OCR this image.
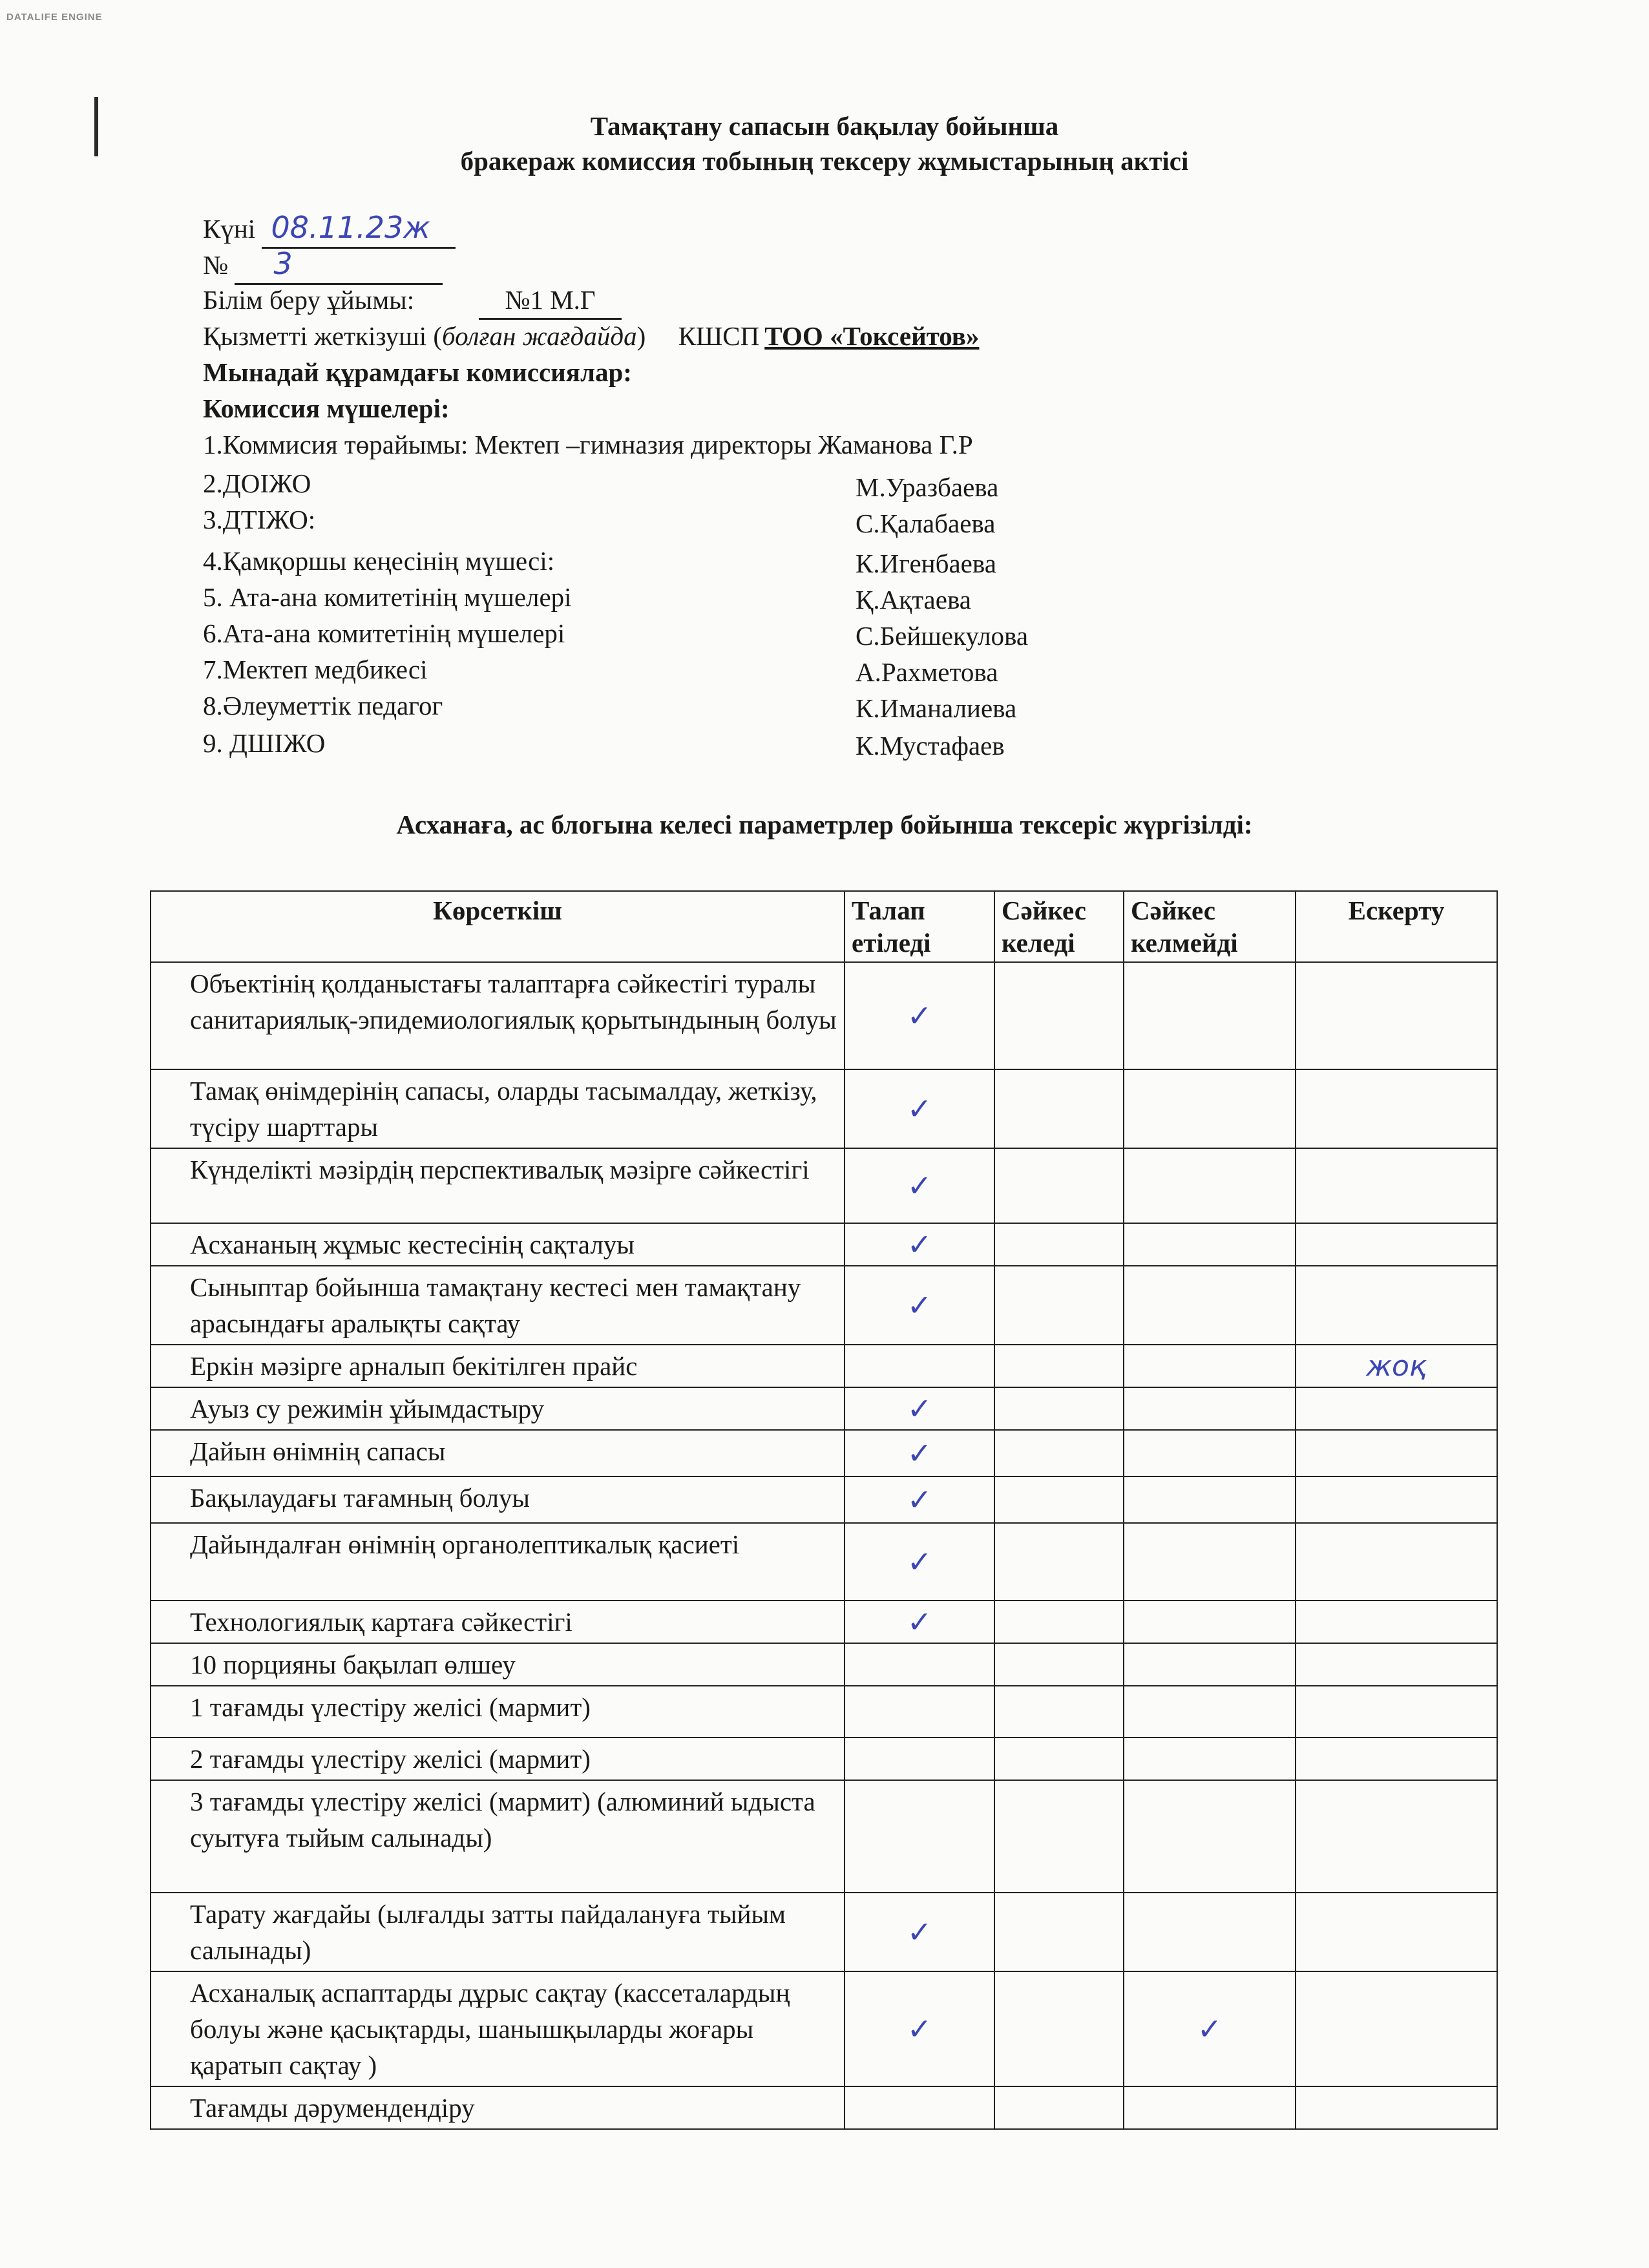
DATALIFE ENGINE
Тамақтану сапасын бақылау бойынша
бракераж комиссия тобының тексеру жұмыстарының актісі
Күні 08.11.23ж
№ 3
Білім беру ұйымы:	№1 М.Г
Қызметті жеткізуші (болған жағдайда) КШСП ТОО «Токсейтов»
Мынадай құрамдағы комиссиялар:
Комиссия мүшелері:
1.Коммисия төрайымы: Мектеп –гимназия директоры Жаманова Г.Р
2.ДОІЖО	М.Уразбаева
3.ДТІЖО:	С.Қалабаева
4.Қамқоршы кеңесінің мүшесі:	К.Игенбаева
5. Ата-ана комитетінің мүшелері	Қ.Ақтаева
6.Ата-ана комитетінің мүшелері	С.Бейшекулова
7.Мектеп медбикесі	А.Рахметова
8.Әлеуметтік педагог	К.Иманалиева
9. ДШІЖО	К.Мустафаев
Асханаға, ас блогына келесі параметрлер бойынша тексеріс жүргізілді:
Көрсеткіш	Талап етіледі	Сәйкес келеді	Сәйкес келмейді	Ескерту
Объектінің қолданыстағы талаптарға сәйкестігі туралы санитариялық-эпидемиологиялық қорытындының болуы	✓			
Тамақ өнімдерінің сапасы, оларды тасымалдау, жеткізу, түсіру шарттары	✓			
Күнделікті мәзірдің перспективалық мәзірге сәйкестігі	✓			
Асхананың жұмыс кестесінің сақталуы	✓			
Сыныптар бойынша тамақтану кестесі мен тамақтану арасындағы аралықты сақтау	✓			
Еркін мәзірге арналып бекітілген прайс				жоқ
Ауыз су режимін ұйымдастыру	✓			
Дайын өнімнің сапасы	✓			
Бақылаудағы тағамның болуы	✓			
Дайындалған өнімнің органолептикалық қасиеті	✓			
Технологиялық картаға сәйкестігі	✓			
10 порцияны бақылап өлшеу				
1 тағамды үлестіру желісі (мармит)				
2 тағамды үлестіру желісі (мармит)				
3 тағамды үлестіру желісі (мармит) (алюминий ыдыста суытуға тыйым салынады)				
Тарату жағдайы (ылғалды затты пайдалануға тыйым салынады)	✓			
Асханалық аспаптарды дұрыс сақтау (кассеталардың болуы және қасықтарды, шанышқыларды жоғары қаратып сақтау )	✓		✓	
Тағамды дәрумендендіру				
